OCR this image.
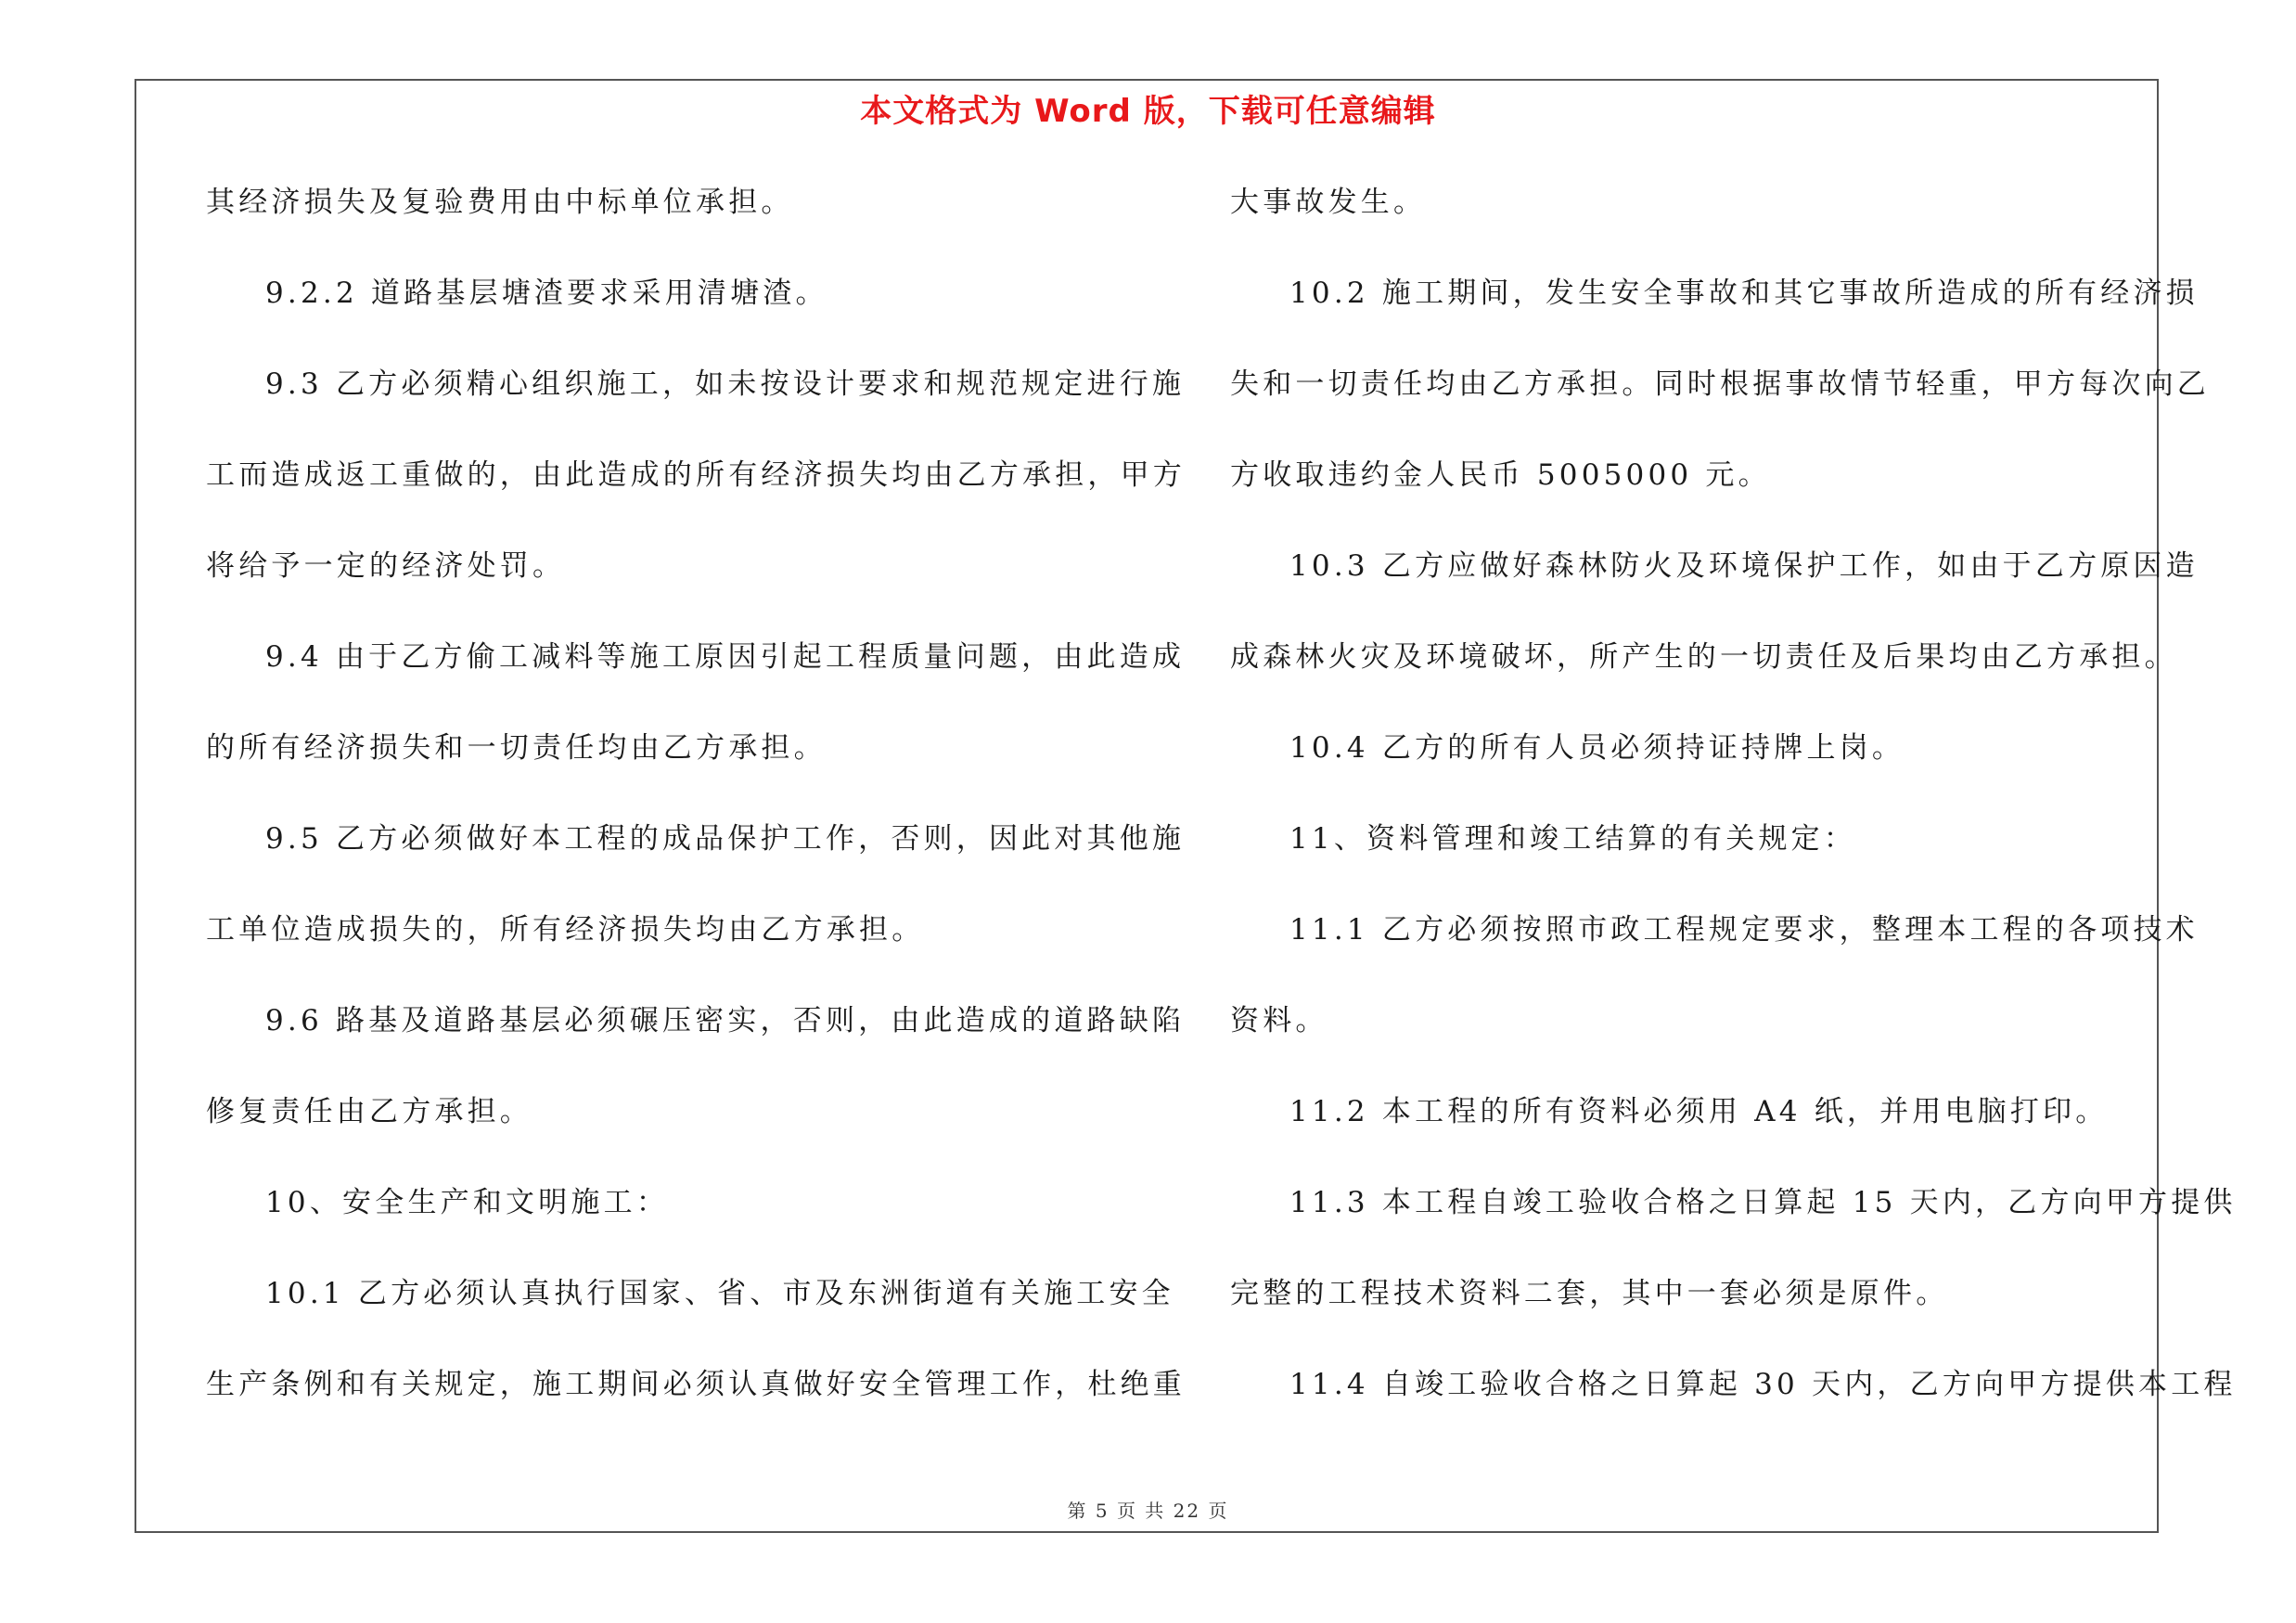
本文格式为 Word 版，下载可任意编辑
其经济损失及复验费用由中标单位承担。
9.2.2 道路基层塘渣要求采用清塘渣。
9.3 乙方必须精心组织施工，如未按设计要求和规范规定进行施
工而造成返工重做的，由此造成的所有经济损失均由乙方承担，甲方
将给予一定的经济处罚。
9.4 由于乙方偷工减料等施工原因引起工程质量问题，由此造成
的所有经济损失和一切责任均由乙方承担。
9.5 乙方必须做好本工程的成品保护工作，否则，因此对其他施
工单位造成损失的，所有经济损失均由乙方承担。
9.6 路基及道路基层必须碾压密实，否则，由此造成的道路缺陷
修复责任由乙方承担。
10、安全生产和文明施工：
10.1 乙方必须认真执行国家、省、市及东洲街道有关施工安全
生产条例和有关规定，施工期间必须认真做好安全管理工作，杜绝重
大事故发生。
10.2 施工期间，发生安全事故和其它事故所造成的所有经济损
失和一切责任均由乙方承担。同时根据事故情节轻重，甲方每次向乙
方收取违约金人民币 5005000 元。
10.3 乙方应做好森林防火及环境保护工作，如由于乙方原因造
成森林火灾及环境破坏，所产生的一切责任及后果均由乙方承担。
10.4 乙方的所有人员必须持证持牌上岗。
11、资料管理和竣工结算的有关规定：
11.1 乙方必须按照市政工程规定要求，整理本工程的各项技术
资料。
11.2 本工程的所有资料必须用 A4 纸，并用电脑打印。
11.3 本工程自竣工验收合格之日算起 15 天内，乙方向甲方提供
完整的工程技术资料二套，其中一套必须是原件。
11.4 自竣工验收合格之日算起 30 天内，乙方向甲方提供本工程
第 5 页 共 22 页
